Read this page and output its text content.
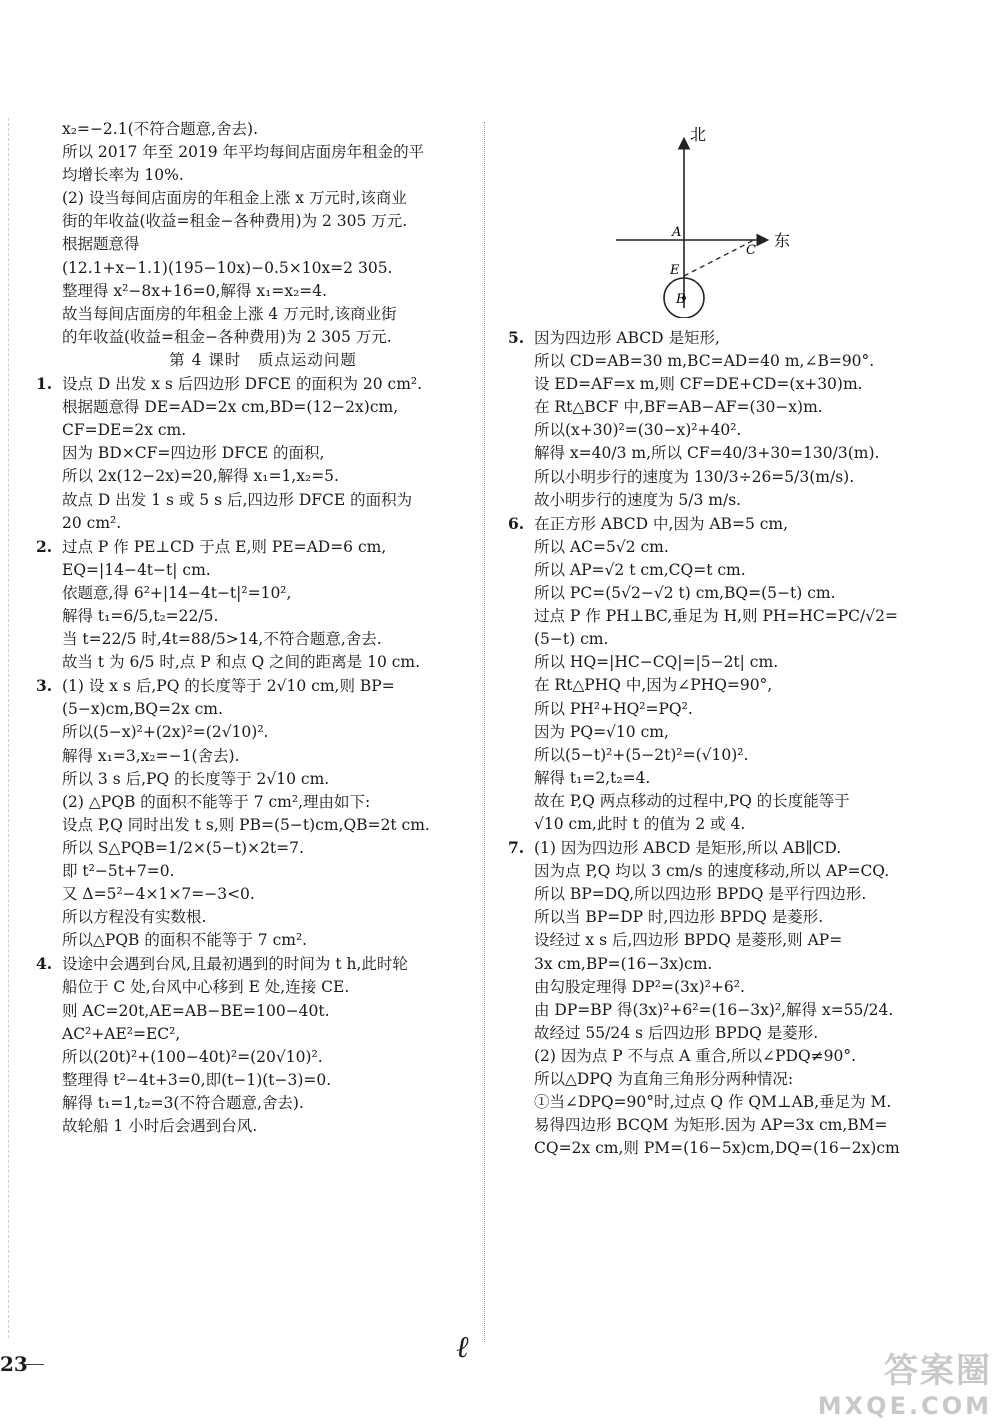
x₂=−2.1(不符合题意,舍去).
所以 2017 年至 2019 年平均每间店面房年租金的平
均增长率为 10%.
(2) 设当每间店面房的年租金上涨 x 万元时,该商业
街的年收益(收益=租金−各种费用)为 2 305 万元.
根据题意得
(12.1+x−1.1)(195−10x)−0.5×10x=2 305.
整理得 x²−8x+16=0,解得 x₁=x₂=4.
故当每间店面房的年租金上涨 4 万元时,该商业街
的年收益(收益=租金−各种费用)为 2 305 万元.
第 4 课时　质点运动问题
1. 设点 D 出发 x s 后四边形 DFCE 的面积为 20 cm².
根据题意得 DE=AD=2x cm,BD=(12−2x)cm,
CF=DE=2x cm.
因为 BD×CF=四边形 DFCE 的面积,
所以 2x(12−2x)=20,解得 x₁=1,x₂=5.
故点 D 出发 1 s 或 5 s 后,四边形 DFCE 的面积为
20 cm².
2. 过点 P 作 PE⊥CD 于点 E,则 PE=AD=6 cm,
EQ=|14−4t−t| cm.
依题意,得 6²+|14−4t−t|²=10²,
解得 t₁=6/5,t₂=22/5.
当 t=22/5 时,4t=88/5>14,不符合题意,舍去.
故当 t 为 6/5 时,点 P 和点 Q 之间的距离是 10 cm.
3. (1) 设 x s 后,PQ 的长度等于 2√10 cm,则 BP=
(5−x)cm,BQ=2x cm.
所以(5−x)²+(2x)²=(2√10)².
解得 x₁=3,x₂=−1(舍去).
所以 3 s 后,PQ 的长度等于 2√10 cm.
(2) △PQB 的面积不能等于 7 cm²,理由如下:
设点 P,Q 同时出发 t s,则 PB=(5−t)cm,QB=2t cm.
所以 S△PQB=1/2×(5−t)×2t=7.
即 t²−5t+7=0.
又 Δ=5²−4×1×7=−3<0.
所以方程没有实数根.
所以△PQB 的面积不能等于 7 cm².
4. 设途中会遇到台风,且最初遇到的时间为 t h,此时轮
船位于 C 处,台风中心移到 E 处,连接 CE.
则 AC=20t,AE=AB−BE=100−40t.
AC²+AE²=EC²,
所以(20t)²+(100−40t)²=(20√10)².
整理得 t²−4t+3=0,即(t−1)(t−3)=0.
解得 t₁=1,t₂=3(不符合题意,舍去).
故轮船 1 小时后会遇到台风.
北
东
A
C
E
B
5. 因为四边形 ABCD 是矩形,
所以 CD=AB=30 m,BC=AD=40 m,∠B=90°.
设 ED=AF=x m,则 CF=DE+CD=(x+30)m.
在 Rt△BCF 中,BF=AB−AF=(30−x)m.
所以(x+30)²=(30−x)²+40².
解得 x=40/3 m,所以 CF=40/3+30=130/3(m).
所以小明步行的速度为 130/3÷26=5/3(m/s).
故小明步行的速度为 5/3 m/s.
6. 在正方形 ABCD 中,因为 AB=5 cm,
所以 AC=5√2 cm.
所以 AP=√2 t cm,CQ=t cm.
所以 PC=(5√2−√2 t) cm,BQ=(5−t) cm.
过点 P 作 PH⊥BC,垂足为 H,则 PH=HC=PC/√2=
(5−t) cm.
所以 HQ=|HC−CQ|=|5−2t| cm.
在 Rt△PHQ 中,因为∠PHQ=90°,
所以 PH²+HQ²=PQ².
因为 PQ=√10 cm,
所以(5−t)²+(5−2t)²=(√10)².
解得 t₁=2,t₂=4.
故在 P,Q 两点移动的过程中,PQ 的长度能等于
√10 cm,此时 t 的值为 2 或 4.
7. (1) 因为四边形 ABCD 是矩形,所以 AB∥CD.
因为点 P,Q 均以 3 cm/s 的速度移动,所以 AP=CQ.
所以 BP=DQ,所以四边形 BPDQ 是平行四边形.
所以当 BP=DP 时,四边形 BPDQ 是菱形.
设经过 x s 后,四边形 BPDQ 是菱形,则 AP=
3x cm,BP=(16−3x)cm.
由勾股定理得 DP²=(3x)²+6².
由 DP=BP 得(3x)²+6²=(16−3x)²,解得 x=55/24.
故经过 55/24 s 后四边形 BPDQ 是菱形.
(2) 因为点 P 不与点 A 重合,所以∠PDQ≠90°.
所以△DPQ 为直角三角形分两种情况:
①当∠DPQ=90°时,过点 Q 作 QM⊥AB,垂足为 M.
易得四边形 BCQM 为矩形.因为 AP=3x cm,BM=
CQ=2x cm,则 PM=(16−5x)cm,DQ=(16−2x)cm
23	ℓ
答案圈
MXQE.COM
